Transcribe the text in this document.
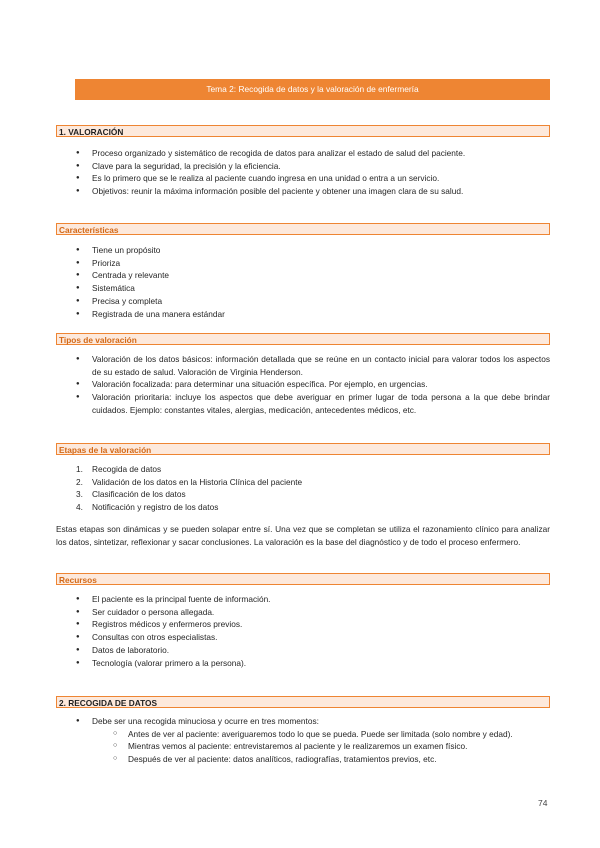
Tema 2: Recogida de datos y la valoración de enfermería
1. VALORACIÓN
● Proceso organizado y sistemático de recogida de datos para analizar el estado de salud del paciente.
● Clave para la seguridad, la precisión y la eficiencia.
● Es lo primero que se le realiza al paciente cuando ingresa en una unidad o entra a un servicio.
● Objetivos: reunir la máxima información posible del paciente y obtener una imagen clara de su salud.
Características
● Tiene un propósito
● Prioriza
● Centrada y relevante
● Sistemática
● Precisa y completa
● Registrada de una manera estándar
Tipos de valoración
● Valoración de los datos básicos: información detallada que se reúne en un contacto inicial para valorar todos los aspectos de su estado de salud. Valoración de Virginia Henderson.
● Valoración focalizada: para determinar una situación específica. Por ejemplo, en urgencias.
● Valoración prioritaria: incluye los aspectos que debe averiguar en primer lugar de toda persona a la que debe brindar cuidados. Ejemplo: constantes vitales, alergias, medicación, antecedentes médicos, etc.
Etapas de la valoración
1. Recogida de datos
2. Validación de los datos en la Historia Clínica del paciente
3. Clasificación de los datos
4. Notificación y registro de los datos

Estas etapas son dinámicas y se pueden solapar entre sí. Una vez que se completan se utiliza el razonamiento clínico para analizar los datos, sintetizar, reflexionar y sacar conclusiones. La valoración es la base del diagnóstico y de todo el proceso enfermero.

Recursos
● El paciente es la principal fuente de información.
● Ser cuidador o persona allegada.
● Registros médicos y enfermeros previos.
● Consultas con otros especialistas.
● Datos de laboratorio.
● Tecnología (valorar primero a la persona).
2. RECOGIDA DE DATOS
● Debe ser una recogida minuciosa y ocurre en tres momentos:
○ Antes de ver al paciente: averiguaremos todo lo que se pueda. Puede ser limitada (solo nombre y edad).
○ Mientras vemos al paciente: entrevistaremos al paciente y le realizaremos un examen físico.
○ Después de ver al paciente: datos analíticos, radiografías, tratamientos previos, etc.
74
